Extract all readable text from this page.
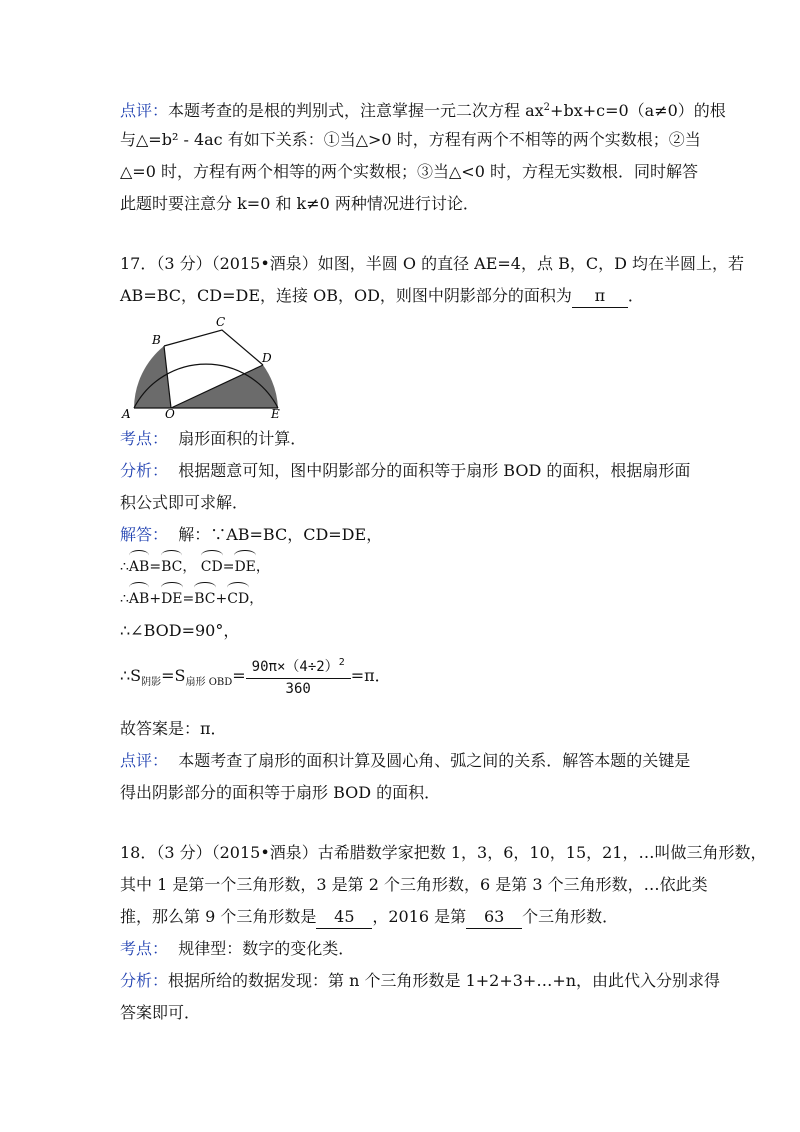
点评：本题考查的是根的判别式，注意掌握一元二次方程 $ax^2+bx+c=0(a\ne 0)$的根
与△=b² - 4ac 有如下关系：①当△>0 时，方程有两个不相等的两个实数根；②当
△=0 时，方程有两个相等的两个实数根；③当△<0 时，方程无实数根．同时解答
此题时要注意分 k=0 和 k≠0 两种情况进行讨论．
17．（3 分）（2015•酒泉）如图，半圆 O 的直径 AE=4，点 B，C，D 均在半圆上，若
AB=BC，CD=DE，连接 OB，OD，则图中阴影部分的面积为 π ．
A
B
C
D
O	E
考点： 扇形面积的计算．
分析： 根据题意可知，图中阴影部分的面积等于扇形 BOD 的面积，根据扇形面
积公式即可求解．
解答： 解：∵AB=BC，CD=DE，
∴AB=BC， CD=DE，
∴AB+DE=BC+CD，
∴∠BOD=90°，
$\therefore S_{阴影}=S_{扇形 OBD}= \frac{90\pi\times(4\div 2)^2}{360} =\pi$．
故答案是：π．
点评： 本题考查了扇形的面积计算及圆心角、弧之间的关系．解答本题的关键是
得出阴影部分的面积等于扇形 BOD 的面积．
18．（3 分）（2015•酒泉）古希腊数学家把数 1，3，6，10，15，21，…叫做三角形数，
其中 1 是第一个三角形数，3 是第 2 个三角形数，6 是第 3 个三角形数，…依此类
推，那么第 9 个三角形数是 45 ，2016 是第 63 个三角形数．
考点： 规律型：数字的变化类．
分析：根据所给的数据发现：第 n 个三角形数是 1+2+3+…+n，由此代入分别求得
答案即可．
